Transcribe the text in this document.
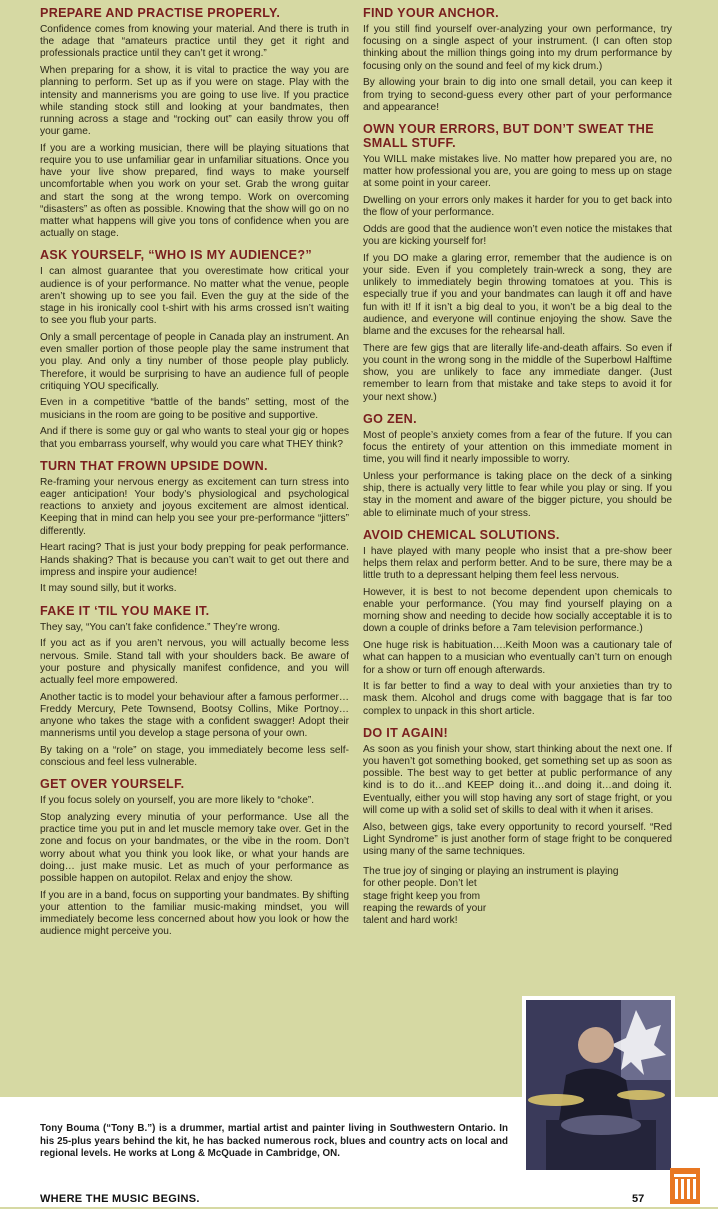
PREPARE AND PRACTISE PROPERLY.

Confidence comes from knowing your material. And there is truth in the adage that “amateurs practice until they get it right and professionals practice until they can’t get it wrong.”

When preparing for a show, it is vital to practice the way you are planning to perform. Set up as if you were on stage. Play with the intensity and mannerisms you are going to use live. If you practice while standing stock still and looking at your bandmates, then running across a stage and “rocking out” can easily throw you off your game.

If you are a working musician, there will be playing situations that require you to use unfamiliar gear in unfamiliar situations. Once you have your live show prepared, find ways to make yourself uncomfortable when you work on your set. Grab the wrong guitar and start the song at the wrong tempo. Work on overcoming “disasters” as often as possible. Knowing that the show will go on no matter what happens will give you tons of confidence when you are actually on stage.

ASK YOURSELF, “WHO IS MY AUDIENCE?”

I can almost guarantee that you overestimate how critical your audience is of your performance. No matter what the venue, people aren’t showing up to see you fail. Even the guy at the side of the stage in his ironically cool t-shirt with his arms crossed isn’t waiting to see you flub your parts.

Only a small percentage of people in Canada play an instrument. An even smaller portion of those people play the same instrument that you play. And only a tiny number of those people play publicly. Therefore, it would be surprising to have an audience full of people critiquing YOU specifically.

Even in a competitive “battle of the bands” setting, most of the musicians in the room are going to be positive and supportive.

And if there is some guy or gal who wants to steal your gig or hopes that you embarrass yourself, why would you care what THEY think?

TURN THAT FROWN UPSIDE DOWN.

Re-framing your nervous energy as excitement can turn stress into eager anticipation! Your body’s physiological and psychological reactions to anxiety and joyous excitement are almost identical. Keeping that in mind can help you see your pre-performance “jitters” differently.

Heart racing? That is just your body prepping for peak performance. Hands shaking? That is because you can’t wait to get out there and impress and inspire your audience!

It may sound silly, but it works.

FAKE IT ‘TIL YOU MAKE IT.

They say, “You can’t fake confidence.” They’re wrong.

If you act as if you aren’t nervous, you will actually become less nervous. Smile. Stand tall with your shoulders back. Be aware of your posture and physically manifest confidence, and you will actually feel more empowered.

Another tactic is to model your behaviour after a famous performer… Freddy Mercury, Pete Townsend, Bootsy Collins, Mike Portnoy… anyone who takes the stage with a confident swagger! Adopt their mannerisms until you develop a stage persona of your own.

By taking on a “role” on stage, you immediately become less self-conscious and feel less vulnerable.

GET OVER YOURSELF.

If you focus solely on yourself, you are more likely to “choke”.

Stop analyzing every minutia of your performance. Use all the practice time you put in and let muscle memory take over. Get in the zone and focus on your bandmates, or the vibe in the room. Don’t worry about what you think you look like, or what your hands are doing… just make music. Let as much of your performance as possible happen on autopilot. Relax and enjoy the show.

If you are in a band, focus on supporting your bandmates. By shifting your attention to the familiar music-making mindset, you will immediately become less concerned about how you look or how the audience might perceive you.

FIND YOUR ANCHOR.

If you still find yourself over-analyzing your own performance, try focusing on a single aspect of your instrument. (I can often stop thinking about the million things going into my drum performance by focusing only on the sound and feel of my kick drum.)

By allowing your brain to dig into one small detail, you can keep it from trying to second-guess every other part of your performance and appearance!

OWN YOUR ERRORS, BUT DON’T SWEAT THE SMALL STUFF.

You WILL make mistakes live. No matter how prepared you are, no matter how professional you are, you are going to mess up on stage at some point in your career.

Dwelling on your errors only makes it harder for you to get back into the flow of your performance.

Odds are good that the audience won’t even notice the mistakes that you are kicking yourself for!

If you DO make a glaring error, remember that the audience is on your side. Even if you completely train-wreck a song, they are unlikely to immediately begin throwing tomatoes at you. This is especially true if you and your bandmates can laugh it off and have fun with it! If it isn’t a big deal to you, it won’t be a big deal to the audience, and everyone will continue enjoying the show. Save the blame and the excuses for the rehearsal hall.

There are few gigs that are literally life-and-death affairs. So even if you count in the wrong song in the middle of the Superbowl Halftime show, you are unlikely to face any immediate danger. (Just remember to learn from that mistake and take steps to avoid it for your next show.)

GO ZEN.

Most of people’s anxiety comes from a fear of the future. If you can focus the entirety of your attention on this immediate moment in time, you will find it nearly impossible to worry.

Unless your performance is taking place on the deck of a sinking ship, there is actually very little to fear while you play or sing. If you stay in the moment and aware of the bigger picture, you should be able to eliminate much of your stress.

AVOID CHEMICAL SOLUTIONS.

I have played with many people who insist that a pre-show beer helps them relax and perform better. And to be sure, there may be a little truth to a depressant helping them feel less nervous.

However, it is best to not become dependent upon chemicals to enable your performance. (You may find yourself playing on a morning show and needing to decide how socially acceptable it is to down a couple of drinks before a 7am television performance.)

One huge risk is habituation….Keith Moon was a cautionary tale of what can happen to a musician who eventually can’t turn on enough for a show or turn off enough afterwards.

It is far better to find a way to deal with your anxieties than try to mask them. Alcohol and drugs come with baggage that is far too complex to unpack in this short article.

DO IT AGAIN!

As soon as you finish your show, start thinking about the next one. If you haven’t got something booked, get something set up as soon as possible. The best way to get better at public performance of any kind is to do it…and KEEP doing it…and doing it…and doing it. Eventually, either you will stop having any sort of stage fright, or you will come up with a solid set of skills to deal with it when it arises.

Also, between gigs, take every opportunity to record yourself. “Red Light Syndrome” is just another form of stage fright to be conquered using many of the same techniques.

The true joy of singing or playing an instrument is playing
for other people. Don’t let
stage fright keep you from
reaping the rewards of your
talent and hard work!
Tony Bouma (“Tony B.”) is a drummer, martial artist and painter living in Southwestern Ontario. In his 25-plus years behind the kit, he has backed numerous rock, blues and country acts on local and regional levels. He works at Long & McQuade in Cambridge, ON.
WHERE THE MUSIC BEGINS.	57
